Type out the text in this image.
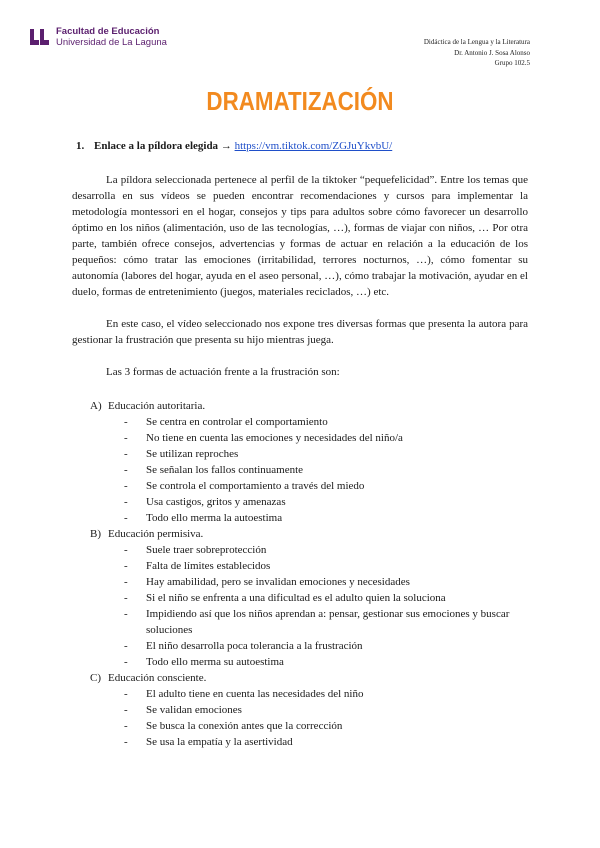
Facultad de Educación
Universidad de La Laguna	Didáctica de la Lengua y la Literatura
Dr. Antonio J. Sosa Alonso
Grupo 102.5
DRAMATIZACIÓN
1. Enlace a la píldora elegida → https://vm.tiktok.com/ZGJuYkvbU/

La píldora seleccionada pertenece al perfil de la tiktoker “pequefelicidad”. Entre los temas que desarrolla en sus vídeos se pueden encontrar recomendaciones y cursos para implementar la metodología montessori en el hogar, consejos y tips para adultos sobre cómo favorecer un desarrollo óptimo en los niños (alimentación, uso de las tecnologías, …), formas de viajar con niños, … Por otra parte, también ofrece consejos, advertencias y formas de actuar en relación a la educación de los pequeños: cómo tratar las emociones (irritabilidad, terrores nocturnos, …), cómo fomentar su autonomía (labores del hogar, ayuda en el aseo personal, …), cómo trabajar la motivación, ayudar en el duelo, formas de entretenimiento (juegos, materiales reciclados, …) etc.

En este caso, el vídeo seleccionado nos expone tres diversas formas que presenta la autora para gestionar la frustración que presenta su hijo mientras juega.

Las 3 formas de actuación frente a la frustración son:

A) Educación autoritaria.
- Se centra en controlar el comportamiento
- No tiene en cuenta las emociones y necesidades del niño/a
- Se utilizan reproches
- Se señalan los fallos continuamente
- Se controla el comportamiento a través del miedo
- Usa castigos, gritos y amenazas
- Todo ello merma la autoestima
B) Educación permisiva.
- Suele traer sobreprotección
- Falta de límites establecidos
- Hay amabilidad, pero se invalidan emociones y necesidades
- Si el niño se enfrenta a una dificultad es el adulto quien la soluciona
- Impidiendo así que los niños aprendan a: pensar, gestionar sus emociones y buscar soluciones
- El niño desarrolla poca tolerancia a la frustración
- Todo ello merma su autoestima
C) Educación consciente.
- El adulto tiene en cuenta las necesidades del niño
- Se validan emociones
- Se busca la conexión antes que la corrección
- Se usa la empatía y la asertividad
